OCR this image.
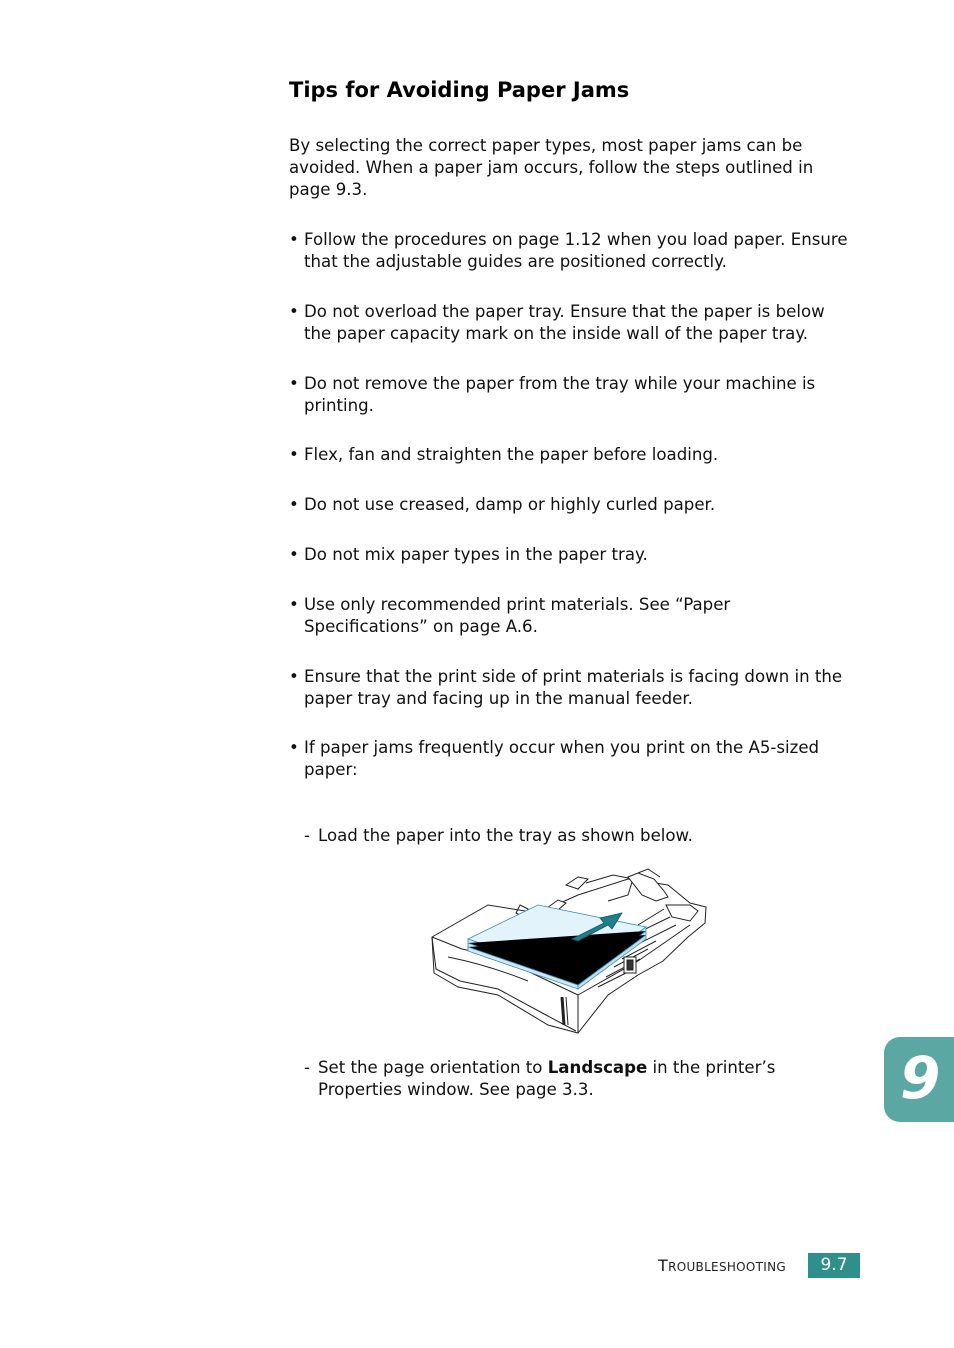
Tips for Avoiding Paper Jams

By selecting the correct paper types, most paper jams can be avoided. When a paper jam occurs, follow the steps outlined in page 9.3.

• Follow the procedures on page 1.12 when you load paper. Ensure that the adjustable guides are positioned correctly.
• Do not overload the paper tray. Ensure that the paper is below the paper capacity mark on the inside wall of the paper tray.
• Do not remove the paper from the tray while your machine is printing.
• Flex, fan and straighten the paper before loading.
• Do not use creased, damp or highly curled paper.
• Do not mix paper types in the paper tray.
• Use only recommended print materials. See “Paper Specifications” on page A.6.
• Ensure that the print side of print materials is facing down in the paper tray and facing up in the manual feeder.
• If paper jams frequently occur when you print on the A5-sized paper:

- Load the paper into the tray as shown below.

- Set the page orientation to Landscape in the printer’s Properties window. See page 3.3.	9
TROUBLESHOOTING	9.7
